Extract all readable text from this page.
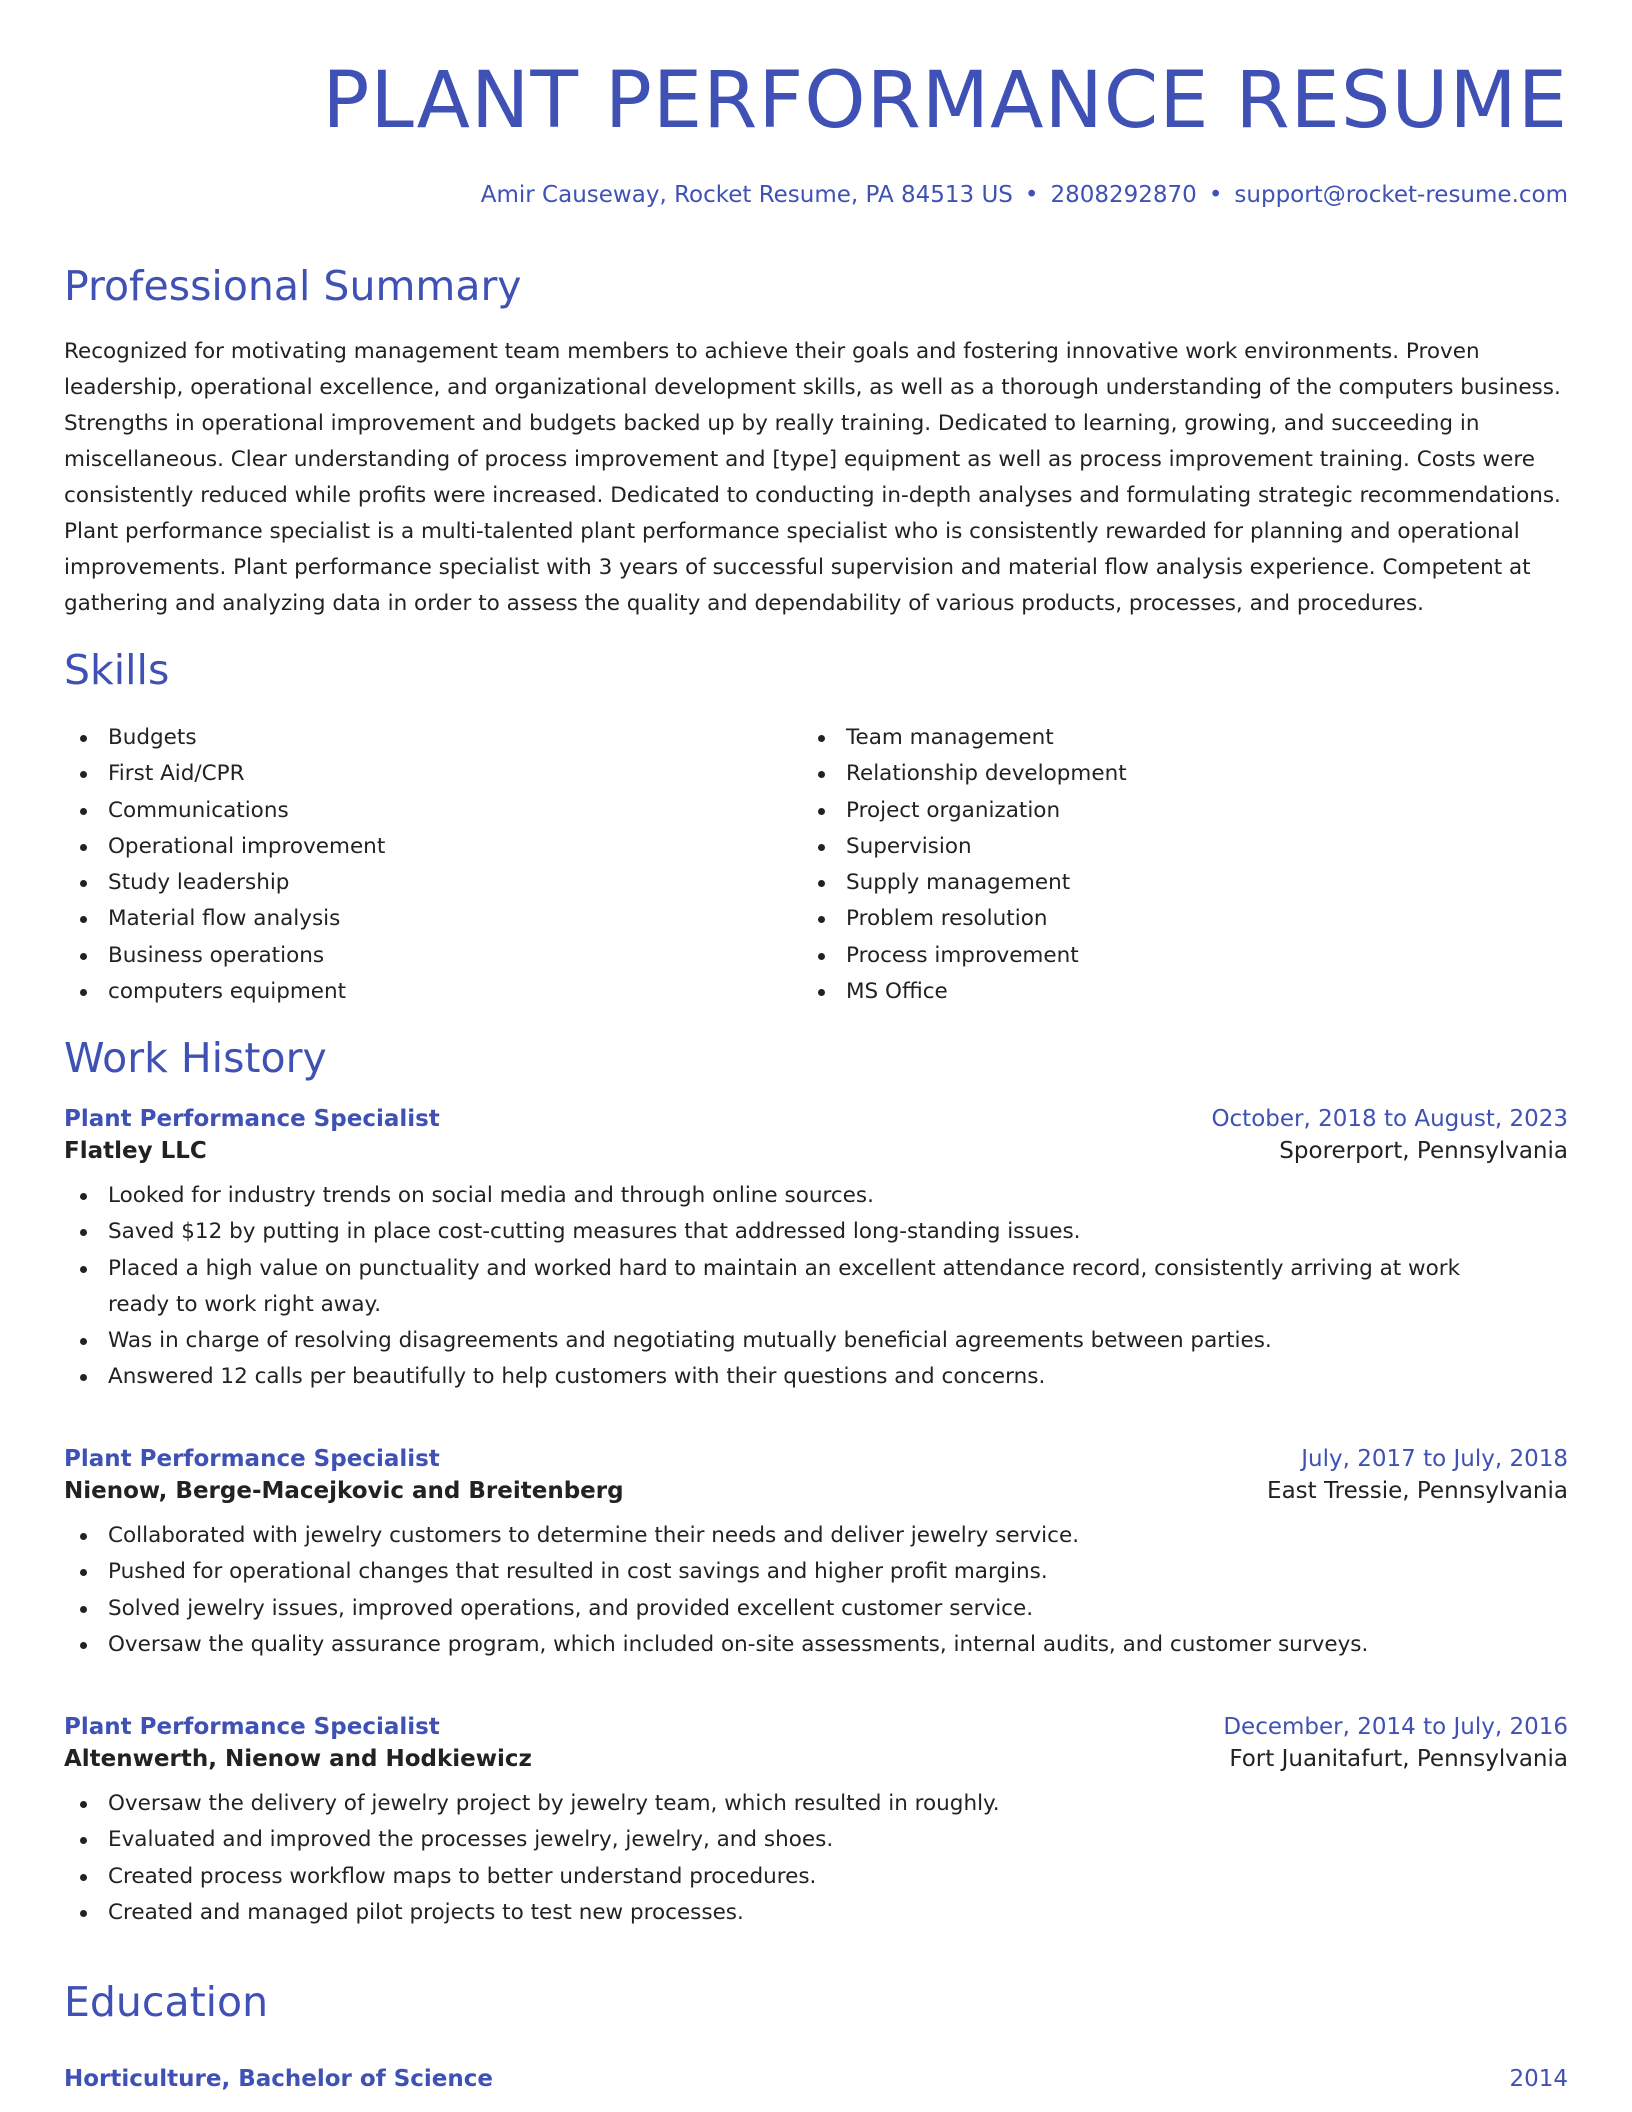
PLANT PERFORMANCE RESUME
Amir Causeway, Rocket Resume, PA 84513 US • 2808292870 • support@rocket-resume.com
Professional Summary

Recognized for motivating management team members to achieve their goals and fostering innovative work environments. Proven leadership, operational excellence, and organizational development skills, as well as a thorough understanding of the computers business. Strengths in operational improvement and budgets backed up by really training. Dedicated to learning, growing, and succeeding in miscellaneous. Clear understanding of process improvement and [type] equipment as well as process improvement training. Costs were consistently reduced while profits were increased. Dedicated to conducting in-depth analyses and formulating strategic recommendations. Plant performance specialist is a multi-talented plant performance specialist who is consistently rewarded for planning and operational improvements. Plant performance specialist with 3 years of successful supervision and material flow analysis experience. Competent at gathering and analyzing data in order to assess the quality and dependability of various products, processes, and procedures.

Skills
Budgets
First Aid/CPR
Communications
Operational improvement
Study leadership
Material flow analysis
Business operations
computers equipment
Team management
Relationship development
Project organization
Supervision
Supply management
Problem resolution
Process improvement
MS Office
Work History
Plant Performance Specialist	October, 2018 to August, 2023
Flatley LLC	Sporerport, Pennsylvania
Looked for industry trends on social media and through online sources.
Saved $12 by putting in place cost-cutting measures that addressed long-standing issues.
Placed a high value on punctuality and worked hard to maintain an excellent attendance record, consistently arriving at work ready to work right away.
Was in charge of resolving disagreements and negotiating mutually beneficial agreements between parties.
Answered 12 calls per beautifully to help customers with their questions and concerns.
Plant Performance Specialist	July, 2017 to July, 2018
Nienow, Berge-Macejkovic and Breitenberg	East Tressie, Pennsylvania
Collaborated with jewelry customers to determine their needs and deliver jewelry service.
Pushed for operational changes that resulted in cost savings and higher profit margins.
Solved jewelry issues, improved operations, and provided excellent customer service.
Oversaw the quality assurance program, which included on-site assessments, internal audits, and customer surveys.
Plant Performance Specialist	December, 2014 to July, 2016
Altenwerth, Nienow and Hodkiewicz	Fort Juanitafurt, Pennsylvania
Oversaw the delivery of jewelry project by jewelry team, which resulted in roughly.
Evaluated and improved the processes jewelry, jewelry, and shoes.
Created process workflow maps to better understand procedures.
Created and managed pilot projects to test new processes.
Education
Horticulture, Bachelor of Science	2014
